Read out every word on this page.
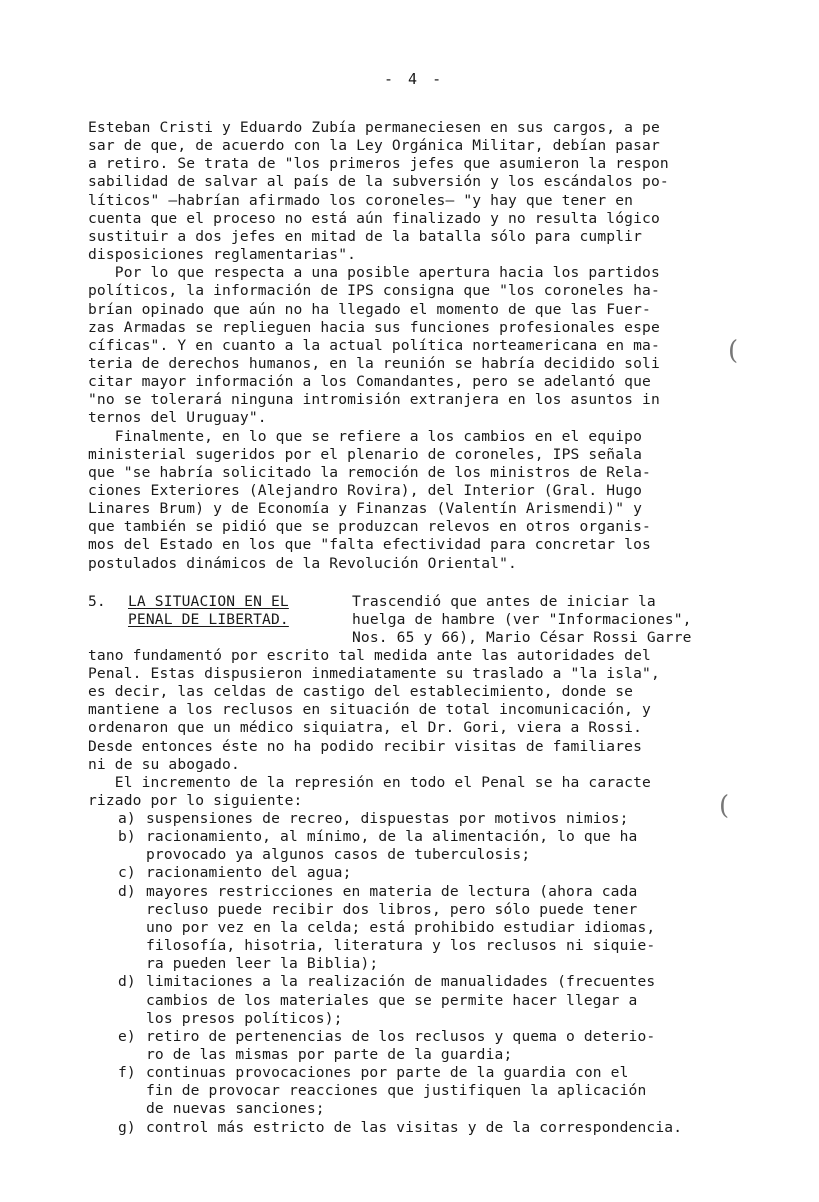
- 4 -
Esteban Cristi y Eduardo Zubía permaneciesen en sus cargos, a pe
sar de que, de acuerdo con la Ley Orgánica Militar, debían pasar
a retiro. Se trata de "los primeros jefes que asumieron la respon
sabilidad de salvar al país de la subversión y los escándalos po-
líticos" —habrían afirmado los coroneles— "y hay que tener en
cuenta que el proceso no está aún finalizado y no resulta lógico
sustituir a dos jefes en mitad de la batalla sólo para cumplir
disposiciones reglamentarias".
Por lo que respecta a una posible apertura hacia los partidos
políticos, la información de IPS consigna que "los coroneles ha-
brían opinado que aún no ha llegado el momento de que las Fuer-
zas Armadas se replieguen hacia sus funciones profesionales espe
cíficas". Y en cuanto a la actual política norteamericana en ma-
teria de derechos humanos, en la reunión se habría decidido soli
citar mayor información a los Comandantes, pero se adelantó que
"no se tolerará ninguna intromisión extranjera en los asuntos in
ternos del Uruguay".
Finalmente, en lo que se refiere a los cambios en el equipo
ministerial sugeridos por el plenario de coroneles, IPS señala
que "se habría solicitado la remoción de los ministros de Rela-
ciones Exteriores (Alejandro Rovira), del Interior (Gral. Hugo
Linares Brum) y de Economía y Finanzas (Valentín Arismendi)" y
que también se pidió que se produzcan relevos en otros organis-
mos del Estado en los que "falta efectividad para concretar los
postulados dinámicos de la Revolución Oriental".
5. LA SITUACION EN EL
PENAL DE LIBERTAD.
Trascendió que antes de iniciar la
huelga de hambre (ver "Informaciones",
Nos. 65 y 66), Mario César Rossi Garre
tano fundamentó por escrito tal medida ante las autoridades del
Penal. Estas dispusieron inmediatamente su traslado a "la isla",
es decir, las celdas de castigo del establecimiento, donde se
mantiene a los reclusos en situación de total incomunicación, y
ordenaron que un médico siquiatra, el Dr. Gori, viera a Rossi.
Desde entonces éste no ha podido recibir visitas de familiares
ni de su abogado.
El incremento de la represión en todo el Penal se ha caracte
rizado por lo siguiente:
a) suspensiones de recreo, dispuestas por motivos nimios;
b) racionamiento, al mínimo, de la alimentación, lo que ha
provocado ya algunos casos de tuberculosis;
c) racionamiento del agua;
d) mayores restricciones en materia de lectura (ahora cada
recluso puede recibir dos libros, pero sólo puede tener
uno por vez en la celda; está prohibido estudiar idiomas,
filosofía, hisotria, literatura y los reclusos ni siquie-
ra pueden leer la Biblia);
d) limitaciones a la realización de manualidades (frecuentes
cambios de los materiales que se permite hacer llegar a
los presos políticos);
e) retiro de pertenencias de los reclusos y quema o deterio-
ro de las mismas por parte de la guardia;
f) continuas provocaciones por parte de la guardia con el
fin de provocar reacciones que justifiquen la aplicación
de nuevas sanciones;
g) control más estricto de las visitas y de la correspondencia.
(
(
